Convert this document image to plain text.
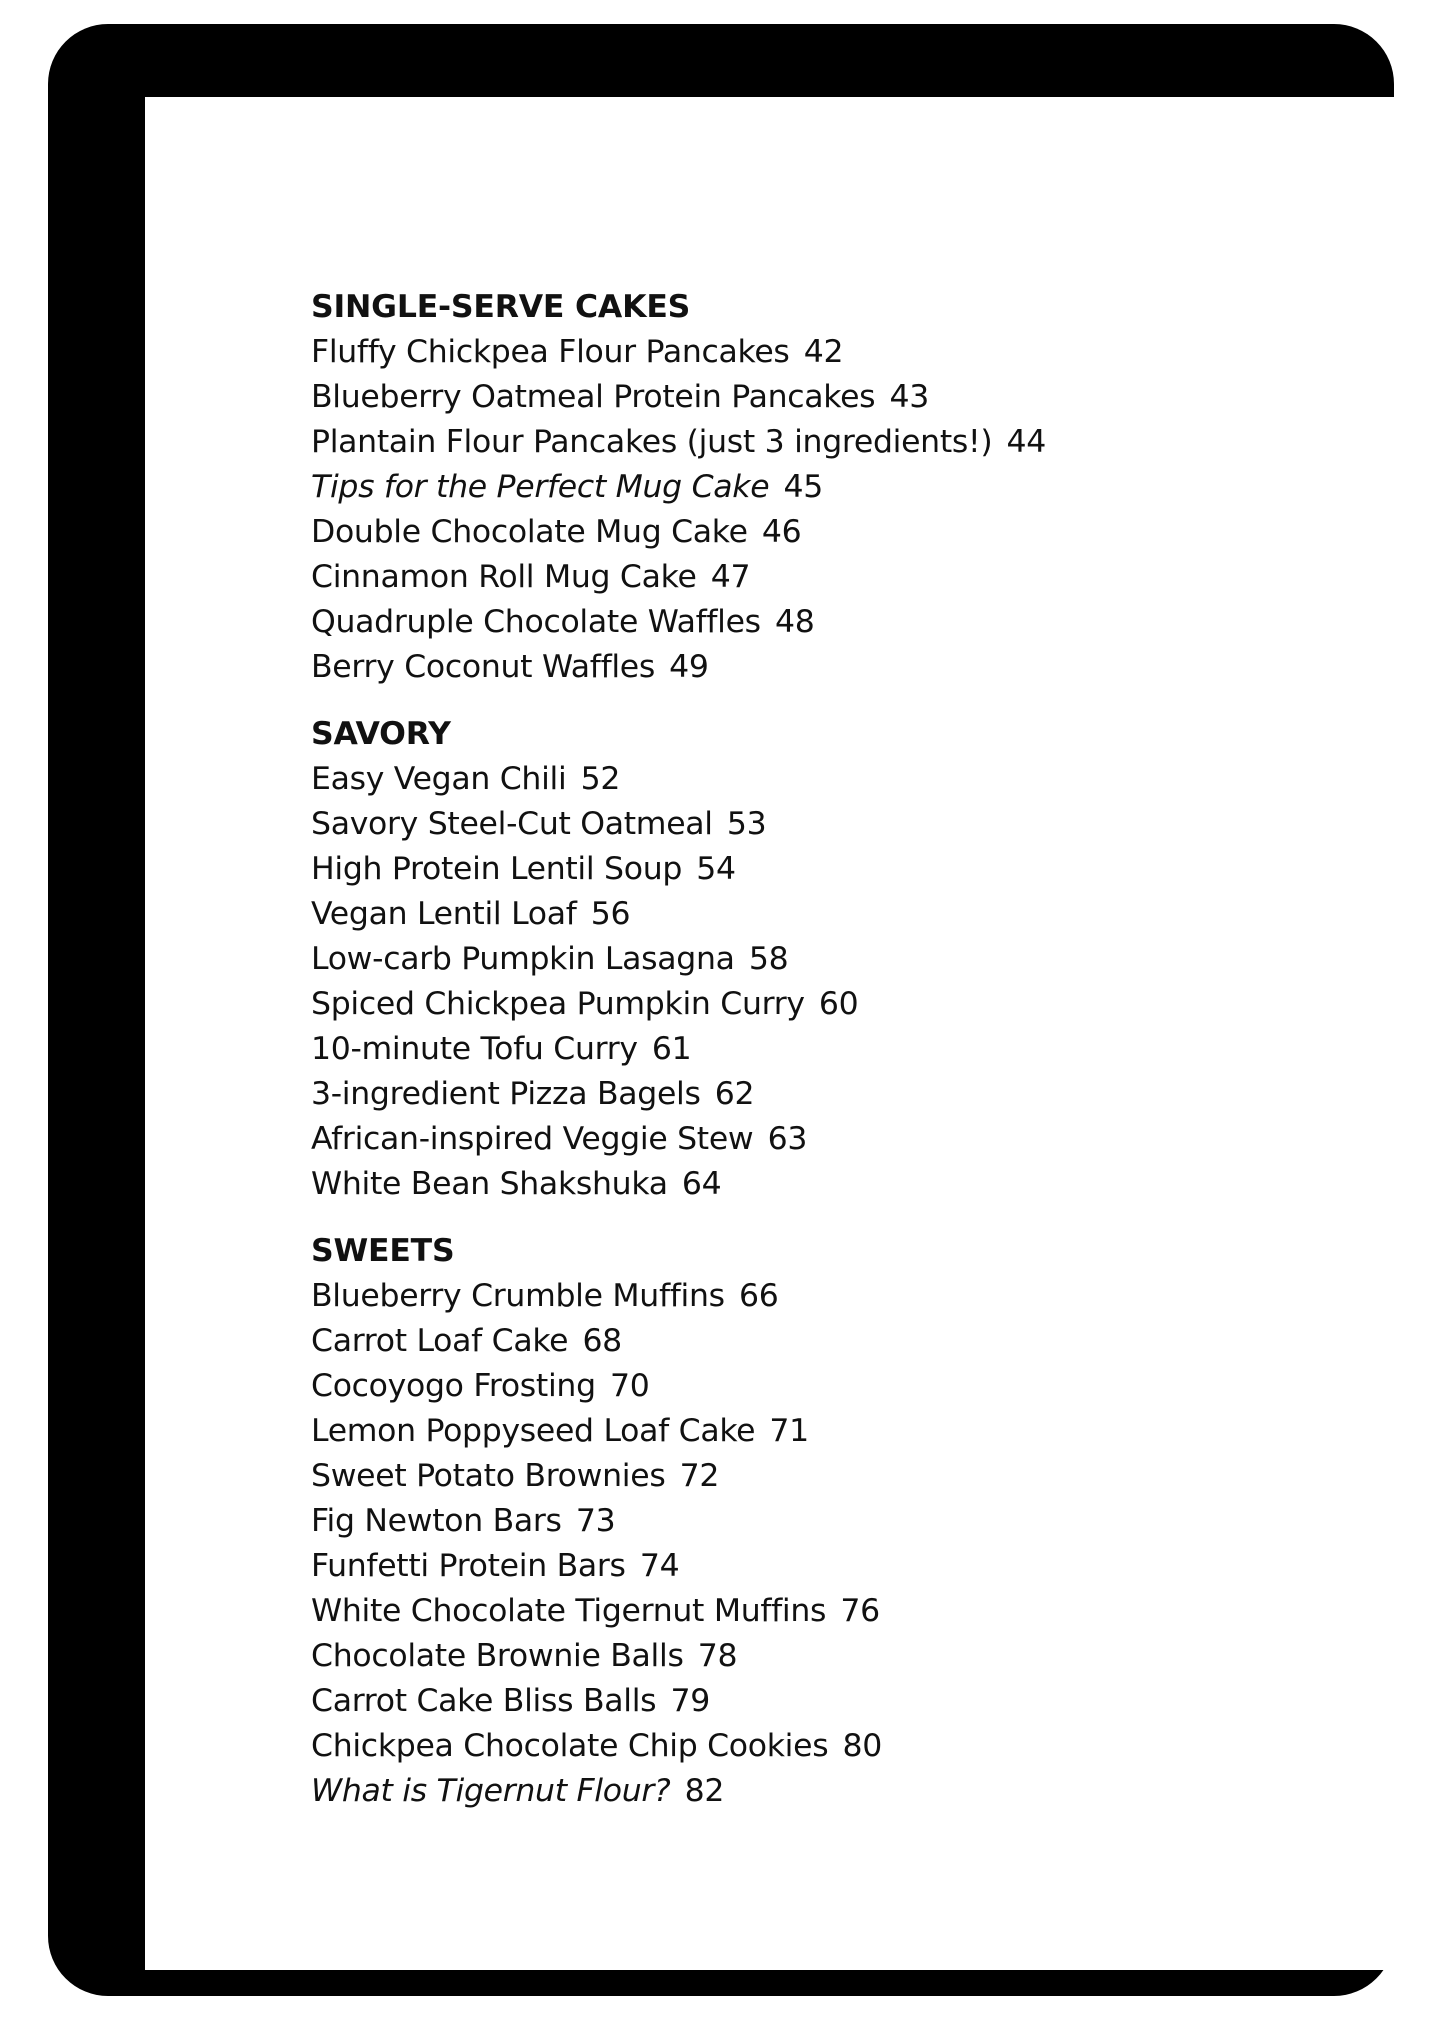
SINGLE-SERVE CAKES
Fluffy Chickpea Flour Pancakes 42
Blueberry Oatmeal Protein Pancakes 43
Plantain Flour Pancakes (just 3 ingredients!) 44
Tips for the Perfect Mug Cake 45
Double Chocolate Mug Cake 46
Cinnamon Roll Mug Cake 47
Quadruple Chocolate Waffles 48
Berry Coconut Waffles 49
SAVORY
Easy Vegan Chili 52
Savory Steel-Cut Oatmeal 53
High Protein Lentil Soup 54
Vegan Lentil Loaf 56
Low-carb Pumpkin Lasagna 58
Spiced Chickpea Pumpkin Curry 60
10-minute Tofu Curry 61
3-ingredient Pizza Bagels 62
African-inspired Veggie Stew 63
White Bean Shakshuka 64
SWEETS
Blueberry Crumble Muffins 66
Carrot Loaf Cake 68
Cocoyogo Frosting 70
Lemon Poppyseed Loaf Cake 71
Sweet Potato Brownies 72
Fig Newton Bars 73
Funfetti Protein Bars 74
White Chocolate Tigernut Muffins 76
Chocolate Brownie Balls 78
Carrot Cake Bliss Balls 79
Chickpea Chocolate Chip Cookies 80
What is Tigernut Flour? 82
